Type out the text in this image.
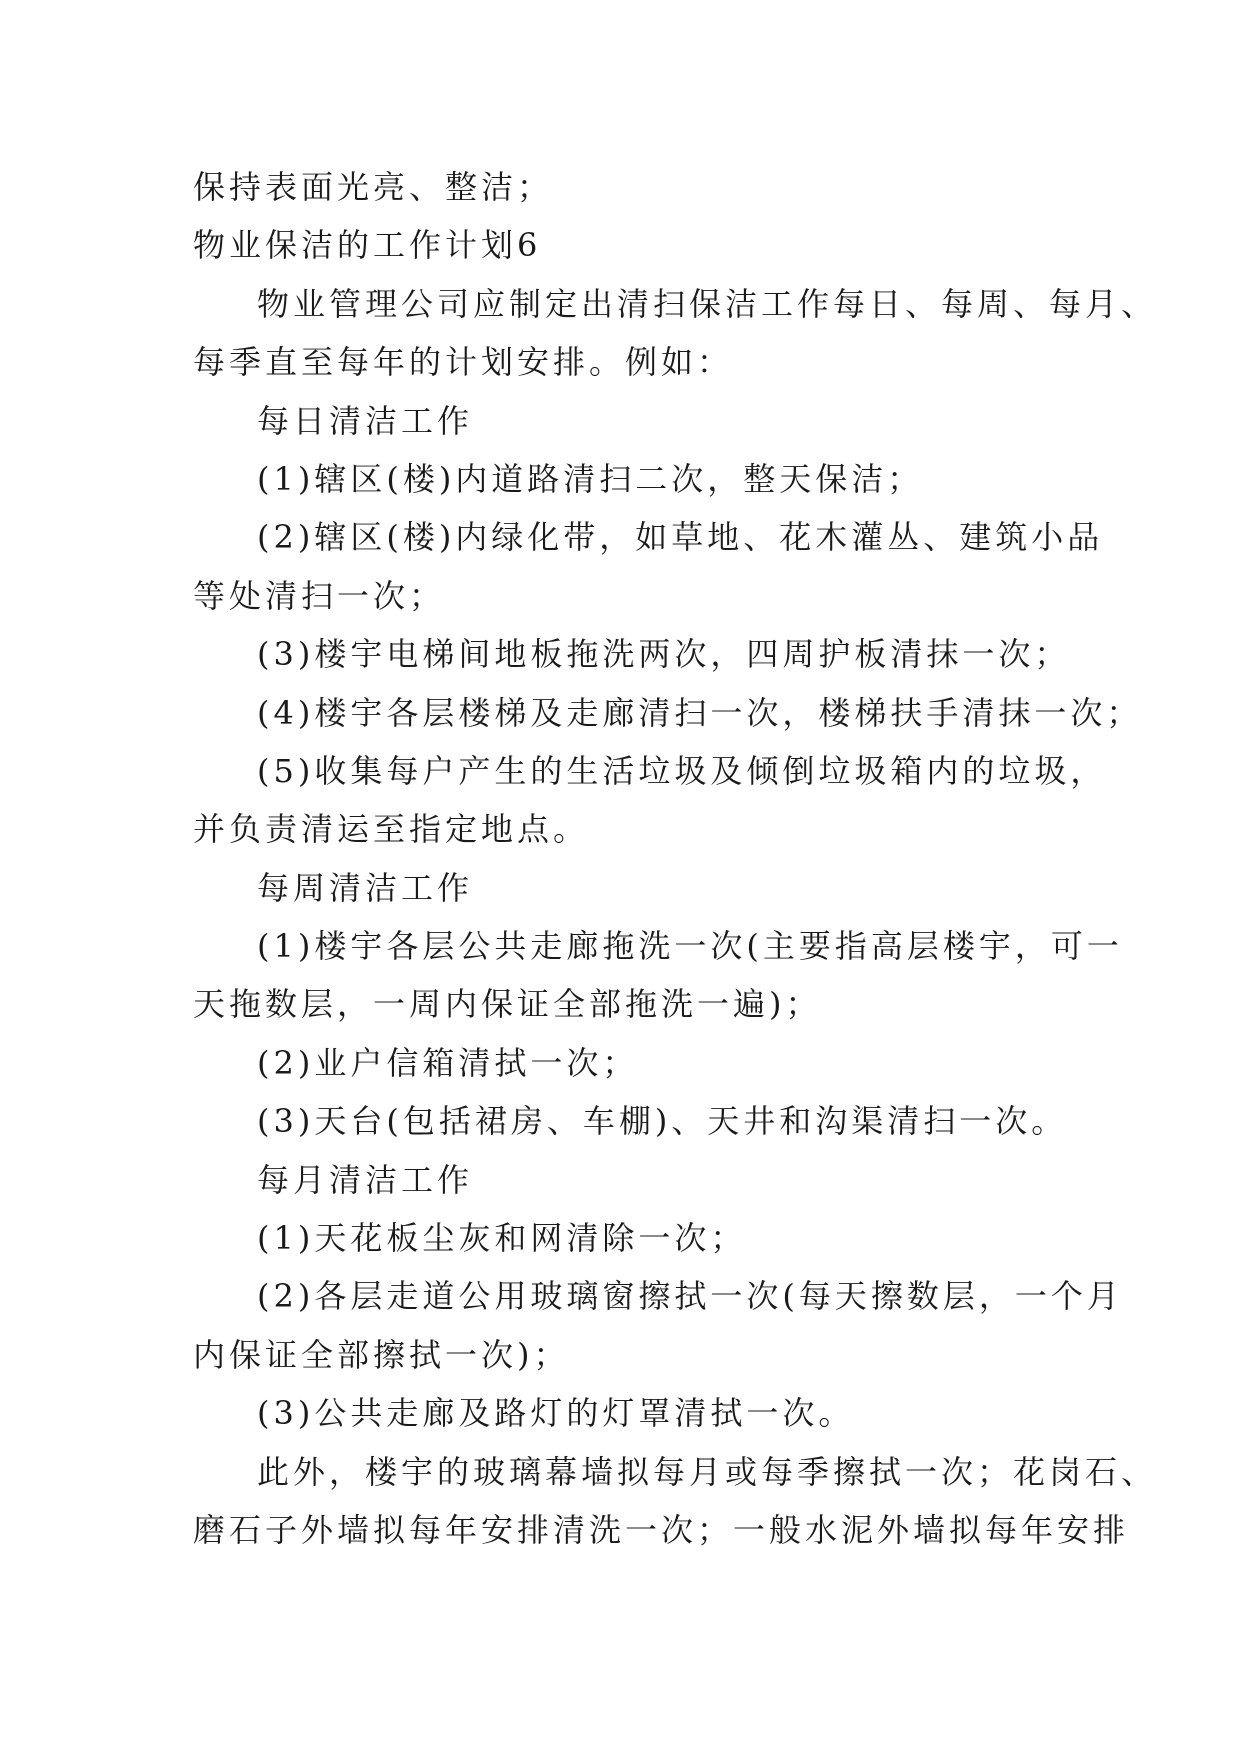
保持表面光亮、整洁；
物业保洁的工作计划6
物业管理公司应制定出清扫保洁工作每日、每周、每月、
每季直至每年的计划安排。例如：
每日清洁工作
(1)辖区(楼)内道路清扫二次，整天保洁；
(2)辖区(楼)内绿化带，如草地、花木灌丛、建筑小品
等处清扫一次；
(3)楼宇电梯间地板拖洗两次，四周护板清抹一次；
(4)楼宇各层楼梯及走廊清扫一次，楼梯扶手清抹一次；
(5)收集每户产生的生活垃圾及倾倒垃圾箱内的垃圾，
并负责清运至指定地点。
每周清洁工作
(1)楼宇各层公共走廊拖洗一次(主要指高层楼宇，可一
天拖数层，一周内保证全部拖洗一遍)；
(2)业户信箱清拭一次；
(3)天台(包括裙房、车棚)、天井和沟渠清扫一次。
每月清洁工作
(1)天花板尘灰和网清除一次；
(2)各层走道公用玻璃窗擦拭一次(每天擦数层，一个月
内保证全部擦拭一次)；
(3)公共走廊及路灯的灯罩清拭一次。
此外，楼宇的玻璃幕墙拟每月或每季擦拭一次；花岗石、
磨石子外墙拟每年安排清洗一次；一般水泥外墙拟每年安排
